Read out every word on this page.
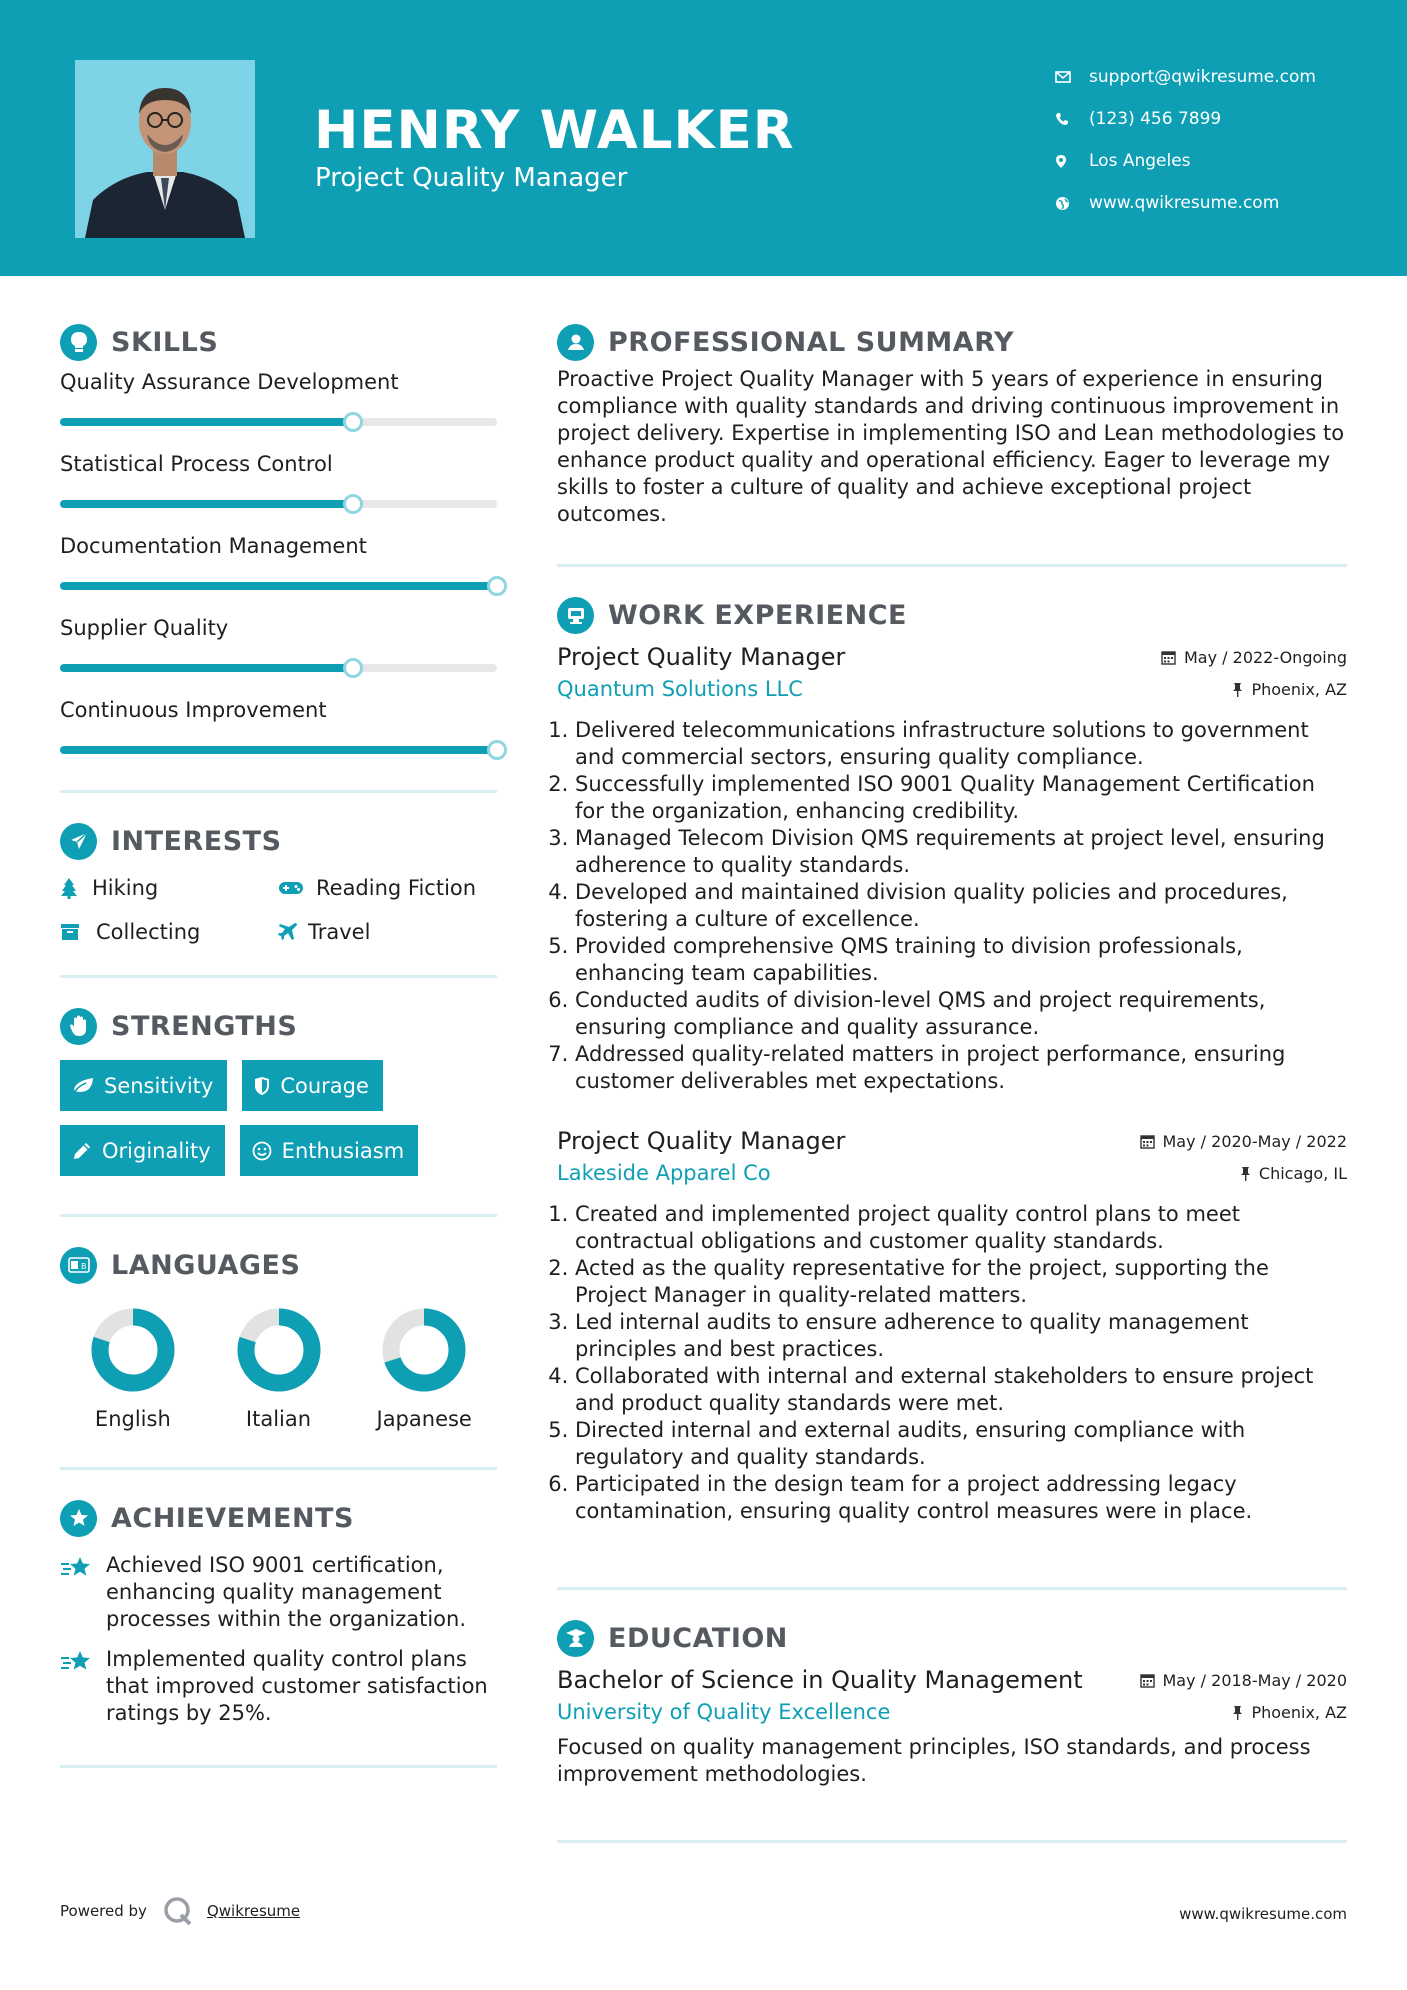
HENRY WALKER
Project Quality Manager
support@qwikresume.com
(123) 456 7899
Los Angeles
www.qwikresume.com
SKILLS
Quality Assurance Development
Statistical Process Control
Documentation Management
Supplier Quality
Continuous Improvement
INTERESTS
Hiking	Reading Fiction
Collecting	Travel
STRENGTHS
Sensitivity	Courage
Originality	Enthusiasm
B LANGUAGES
English	Italian	Japanese
ACHIEVEMENTS
Achieved ISO 9001 certification, enhancing quality management processes within the organization.
Implemented quality control plans that improved customer satisfaction ratings by 25%.
PROFESSIONAL SUMMARY
Proactive Project Quality Manager with 5 years of experience in ensuring compliance with quality standards and driving continuous improvement in project delivery. Expertise in implementing ISO and Lean methodologies to enhance product quality and operational efficiency. Eager to leverage my skills to foster a culture of quality and achieve exceptional project outcomes.
WORK EXPERIENCE
Project Quality Manager	May / 2022-Ongoing
Quantum Solutions LLC	Phoenix, AZ
1. Delivered telecommunications infrastructure solutions to government and commercial sectors, ensuring quality compliance.
2. Successfully implemented ISO 9001 Quality Management Certification for the organization, enhancing credibility.
3. Managed Telecom Division QMS requirements at project level, ensuring adherence to quality standards.
4. Developed and maintained division quality policies and procedures, fostering a culture of excellence.
5. Provided comprehensive QMS training to division professionals, enhancing team capabilities.
6. Conducted audits of division-level QMS and project requirements, ensuring compliance and quality assurance.
7. Addressed quality-related matters in project performance, ensuring customer deliverables met expectations.
Project Quality Manager	May / 2020-May / 2022
Lakeside Apparel Co	Chicago, IL
1. Created and implemented project quality control plans to meet contractual obligations and customer quality standards.
2. Acted as the quality representative for the project, supporting the Project Manager in quality-related matters.
3. Led internal audits to ensure adherence to quality management principles and best practices.
4. Collaborated with internal and external stakeholders to ensure project and product quality standards were met.
5. Directed internal and external audits, ensuring compliance with regulatory and quality standards.
6. Participated in the design team for a project addressing legacy contamination, ensuring quality control measures were in place.
EDUCATION
Bachelor of Science in Quality Management	May / 2018-May / 2020
University of Quality Excellence	Phoenix, AZ
Focused on quality management principles, ISO standards, and process improvement methodologies.
Powered by	Qwikresume	www.qwikresume.com
